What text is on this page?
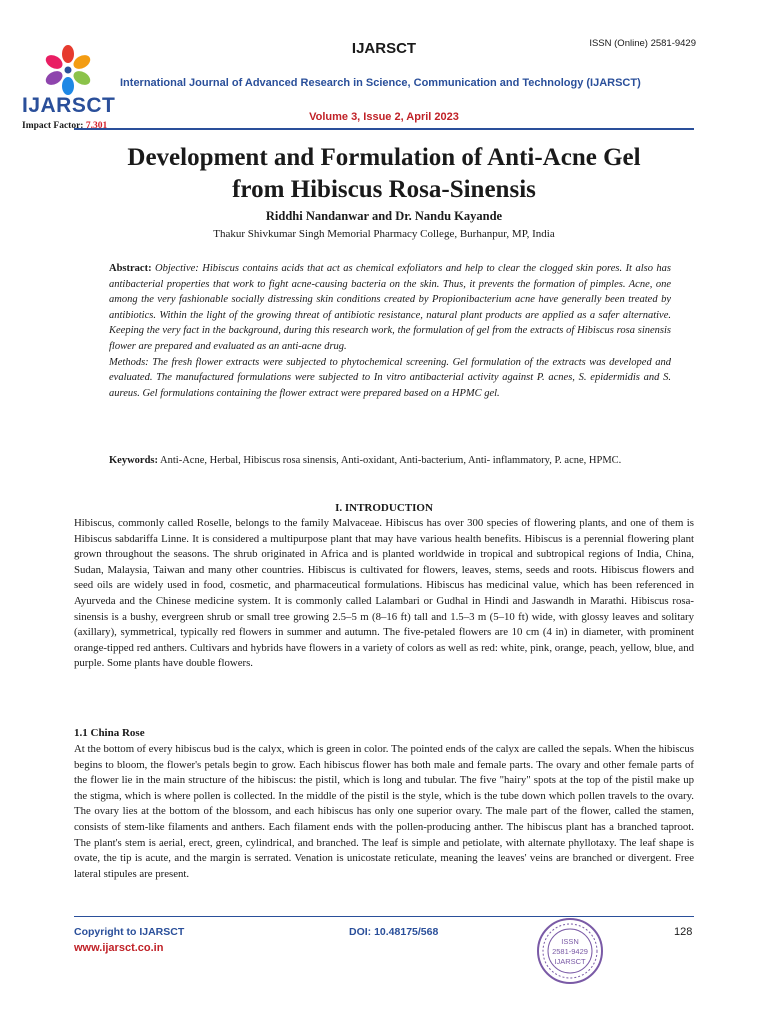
IJARSCT
Impact Factor: 7.301
IJARSCT	ISSN (Online) 2581-9429
International Journal of Advanced Research in Science, Communication and Technology (IJARSCT)
Volume 3, Issue 2, April 2023
Development and Formulation of Anti-Acne Gel
from Hibiscus Rosa-Sinensis
Riddhi Nandanwar and Dr. Nandu Kayande
Thakur Shivkumar Singh Memorial Pharmacy College, Burhanpur, MP, India

Abstract: Objective: Hibiscus contains acids that act as chemical exfoliators and help to clear the clogged skin pores. It also has antibacterial properties that work to fight acne-causing bacteria on the skin. Thus, it prevents the formation of pimples. Acne, one among the very fashionable socially distressing skin conditions created by Propionibacterium acne have generally been treated by antibiotics. Within the light of the growing threat of antibiotic resistance, natural plant products are applied as a safer alternative. Keeping the very fact in the background, during this research work, the formulation of gel from the extracts of Hibiscus rosa sinensis flower are prepared and evaluated as an anti-acne drug.

Methods: The fresh flower extracts were subjected to phytochemical screening. Gel formulation of the extracts was developed and evaluated. The manufactured formulations were subjected to In vitro antibacterial activity against P. acnes, S. epidermidis and S. aureus. Gel formulations containing the flower extract were prepared based on a HPMC gel.

Keywords: Anti-Acne, Herbal, Hibiscus rosa sinensis, Anti-oxidant, Anti-bacterium, Anti- inflammatory, P. acne, HPMC.
I. INTRODUCTION

Hibiscus, commonly called Roselle, belongs to the family Malvaceae. Hibiscus has over 300 species of flowering plants, and one of them is Hibiscus sabdariffa Linne. It is considered a multipurpose plant that may have various health benefits. Hibiscus is a perennial flowering plant grown throughout the seasons. The shrub originated in Africa and is planted worldwide in tropical and subtropical regions of India, China, Sudan, Malaysia, Taiwan and many other countries. Hibiscus is cultivated for flowers, leaves, stems, seeds and roots. Hibiscus flowers and seed oils are widely used in food, cosmetic, and pharmaceutical formulations. Hibiscus has medicinal value, which has been referenced in Ayurveda and the Chinese medicine system. It is commonly called Lalambari or Gudhal in Hindi and Jaswandh in Marathi. Hibiscus rosa-sinensis is a bushy, evergreen shrub or small tree growing 2.5–5 m (8–16 ft) tall and 1.5–3 m (5–10 ft) wide, with glossy leaves and solitary (axillary), symmetrical, typically red flowers in summer and autumn. The five-petaled flowers are 10 cm (4 in) in diameter, with prominent orange-tipped red anthers. Cultivars and hybrids have flowers in a variety of colors as well as red: white, pink, orange, peach, yellow, blue, and purple. Some plants have double flowers.

1.1 China Rose

At the bottom of every hibiscus bud is the calyx, which is green in color. The pointed ends of the calyx are called the sepals. When the hibiscus begins to bloom, the flower's petals begin to grow. Each hibiscus flower has both male and female parts. The ovary and other female parts of the flower lie in the main structure of the hibiscus: the pistil, which is long and tubular. The five "hairy" spots at the top of the pistil make up the stigma, which is where pollen is collected. In the middle of the pistil is the style, which is the tube down which pollen travels to the ovary. The ovary lies at the bottom of the blossom, and each hibiscus has only one superior ovary. The male part of the flower, called the stamen, consists of stem-like filaments and anthers. Each filament ends with the pollen-producing anther. The hibiscus plant has a branched taproot. The plant's stem is aerial, erect, green, cylindrical, and branched. The leaf is simple and petiolate, with alternate phyllotaxy. The leaf shape is ovate, the tip is acute, and the margin is serrated. Venation is unicostate reticulate, meaning the leaves' veins are branched or divergent. Free lateral stipules are present.

Copyright to IJARSCT
www.ijarsct.co.in
DOI: 10.48175/568	128
ISSN
2581-9429
IJARSCT
